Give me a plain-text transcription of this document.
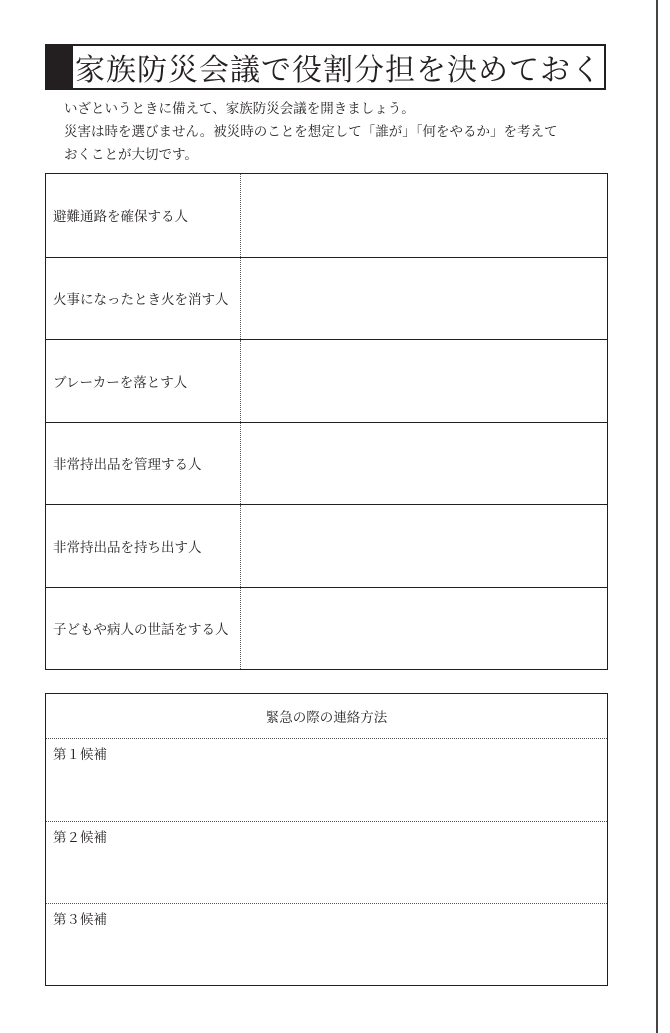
家族防災会議で役割分担を決めておく

いざというときに備えて、家族防災会議を開きましょう。

災害は時を選びません。被災時のことを想定して「誰が」「何をやるか」を考えて

おくことが大切です。

避難通路を確保する人
火事になったとき火を消す人
ブレーカーを落とす人
非常持出品を管理する人
非常持出品を持ち出す人
子どもや病人の世話をする人
緊急の際の連絡方法
第１候補
第２候補
第３候補
